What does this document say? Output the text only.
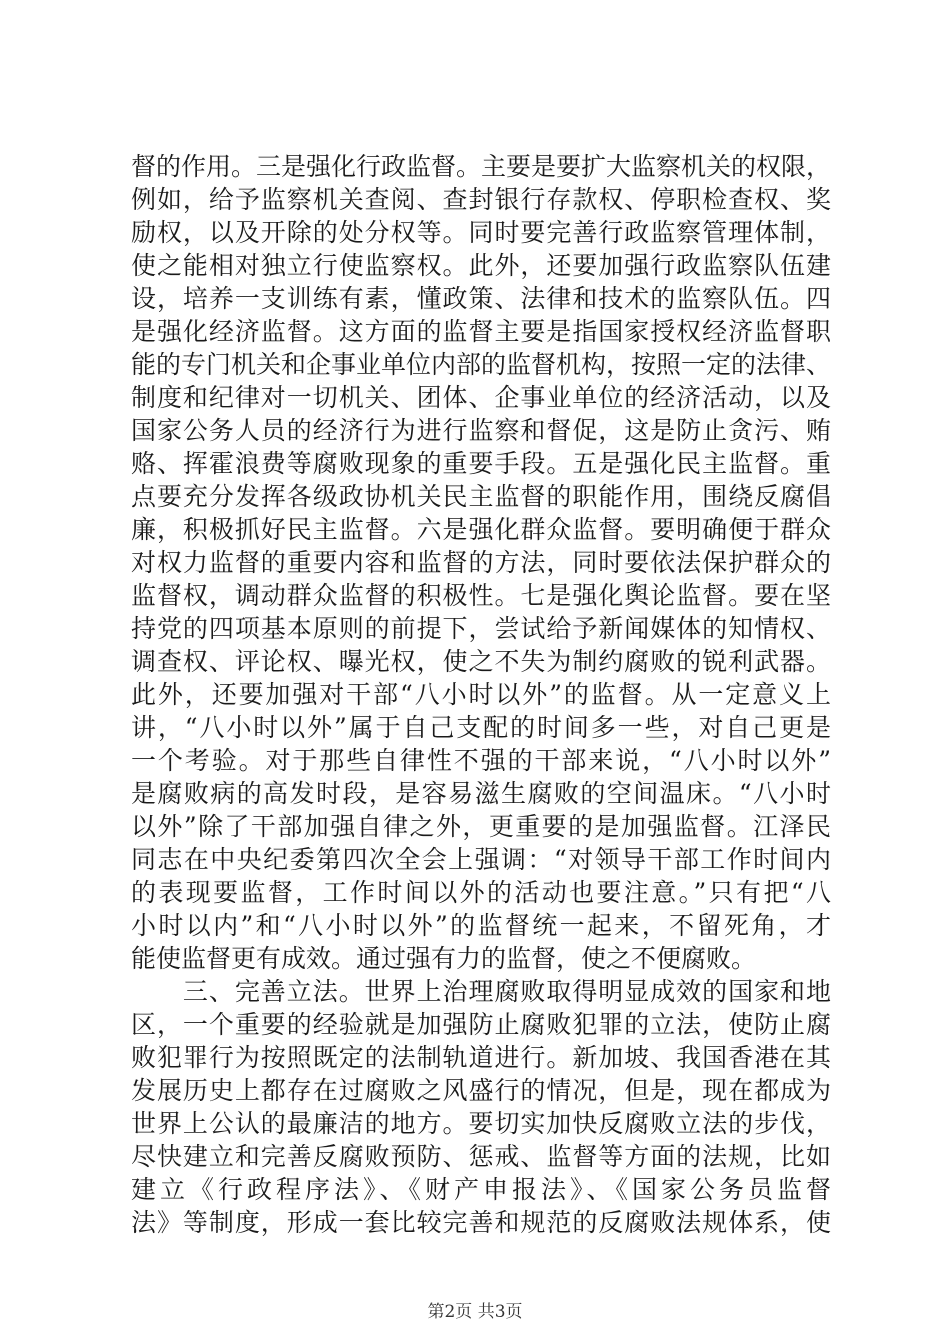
督的作用。三是强化行政监督。主要是要扩大监察机关的权限，
例如，给予监察机关查阅、查封银行存款权、停职检查权、奖
励权，以及开除的处分权等。同时要完善行政监察管理体制，
使之能相对独立行使监察权。此外，还要加强行政监察队伍建
设，培养一支训练有素，懂政策、法律和技术的监察队伍。四
是强化经济监督。这方面的监督主要是指国家授权经济监督职
能的专门机关和企事业单位内部的监督机构，按照一定的法律、
制度和纪律对一切机关、团体、企事业单位的经济活动，以及
国家公务人员的经济行为进行监察和督促，这是防止贪污、贿
赂、挥霍浪费等腐败现象的重要手段。五是强化民主监督。重
点要充分发挥各级政协机关民主监督的职能作用，围绕反腐倡
廉，积极抓好民主监督。六是强化群众监督。要明确便于群众
对权力监督的重要内容和监督的方法，同时要依法保护群众的
监督权，调动群众监督的积极性。七是强化舆论监督。要在坚
持党的四项基本原则的前提下，尝试给予新闻媒体的知情权、
调查权、评论权、曝光权，使之不失为制约腐败的锐利武器。
此外，还要加强对干部“八小时以外”的监督。从一定意义上
讲，“八小时以外”属于自己支配的时间多一些，对自己更是
一个考验。对于那些自律性不强的干部来说，“八小时以外”
是腐败病的高发时段，是容易滋生腐败的空间温床。“八小时
以外”除了干部加强自律之外，更重要的是加强监督。江泽民
同志在中央纪委第四次全会上强调：“对领导干部工作时间内
的表现要监督，工作时间以外的活动也要注意。”只有把“八
小时以内”和“八小时以外”的监督统一起来，不留死角，才
能使监督更有成效。通过强有力的监督，使之不便腐败。
　　三、完善立法。世界上治理腐败取得明显成效的国家和地
区，一个重要的经验就是加强防止腐败犯罪的立法，使防止腐
败犯罪行为按照既定的法制轨道进行。新加坡、我国香港在其
发展历史上都存在过腐败之风盛行的情况，但是，现在都成为
世界上公认的最廉洁的地方。要切实加快反腐败立法的步伐，
尽快建立和完善反腐败预防、惩戒、监督等方面的法规，比如
建立《行政程序法》、《财产申报法》、《国家公务员监督
法》等制度，形成一套比较完善和规范的反腐败法规体系，使
第2页 共3页
